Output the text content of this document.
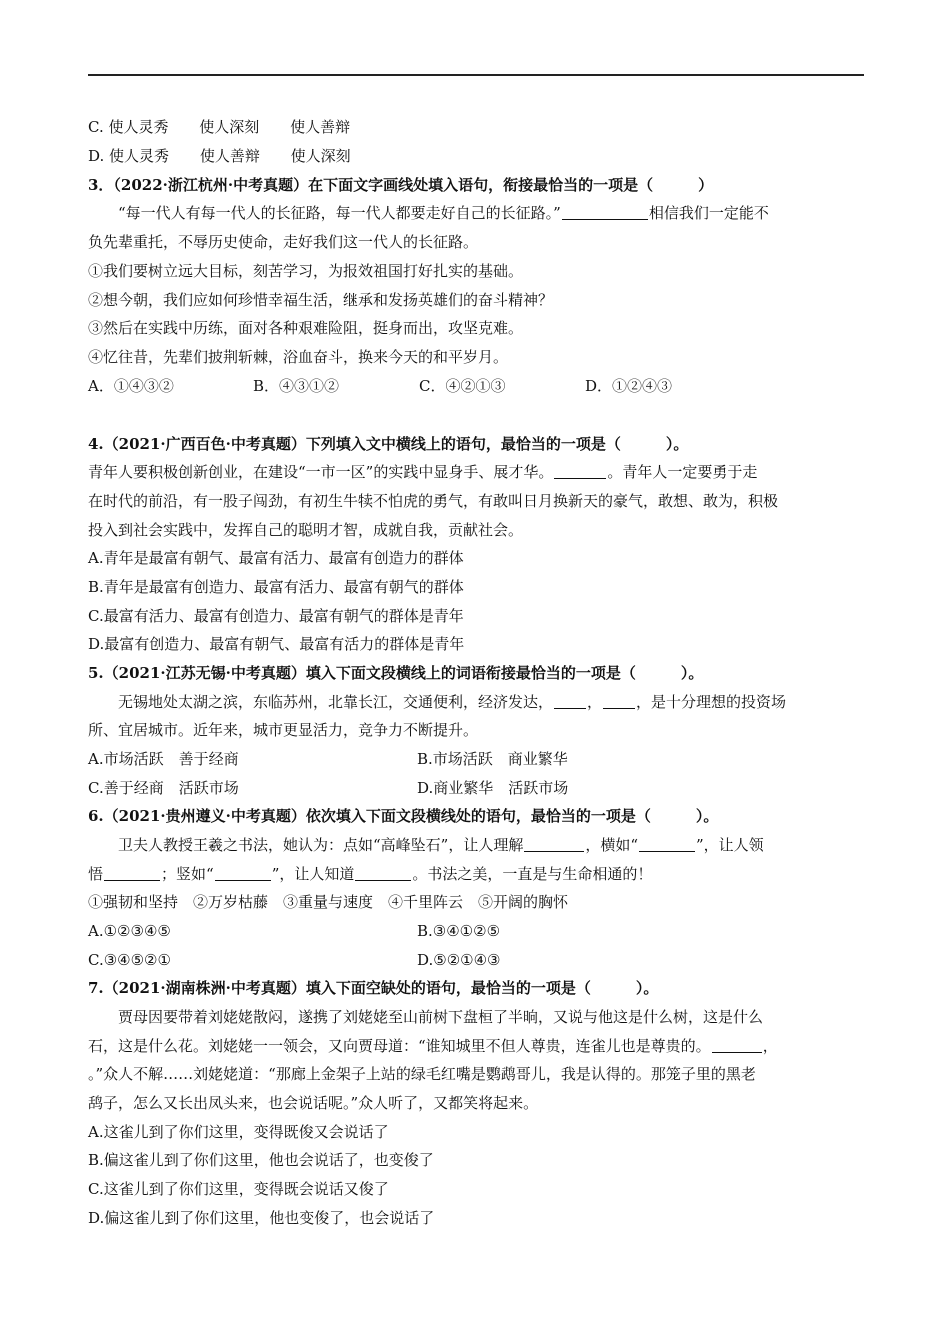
C. 使人灵秀 使人深刻 使人善辩
D. 使人灵秀 使人善辩 使人深刻
3．（2022·浙江杭州·中考真题）在下面文字画线处填入语句，衔接最恰当的一项是（　　　）
“每一代人有每一代人的长征路，每一代人都要走好自己的长征路。”	相信我们一定能不
负先辈重托，不辱历史使命，走好我们这一代人的长征路。
①我们要树立远大目标，刻苦学习，为报效祖国打好扎实的基础。
②想今朝，我们应如何珍惜幸福生活，继承和发扬英雄们的奋斗精神？
③然后在实践中历练，面对各种艰难险阻，挺身而出，攻坚克难。
④忆往昔，先辈们披荆斩棘，浴血奋斗，换来今天的和平岁月。
A．①④③②	B．④③①②	C．④②①③	D．①②④③
4.（2021·广西百色·中考真题）下列填入文中横线上的语句，最恰当的一项是（　　　）。
青年人要积极创新创业，在建设“一市一区”的实践中显身手、展才华。	。青年人一定要勇于走
在时代的前沿，有一股子闯劲，有初生牛犊不怕虎的勇气，有敢叫日月换新天的豪气，敢想、敢为，积极
投入到社会实践中，发挥自己的聪明才智，成就自我，贡献社会。
A.青年是最富有朝气、最富有活力、最富有创造力的群体
B.青年是最富有创造力、最富有活力、最富有朝气的群体
C.最富有活力、最富有创造力、最富有朝气的群体是青年
D.最富有创造力、最富有朝气、最富有活力的群体是青年
5.（2021·江苏无锡·中考真题）填入下面文段横线上的词语衔接最恰当的一项是（　　　）。
无锡地处太湖之滨，东临苏州，北靠长江，交通便利，经济发达， ， ，是十分理想的投资场
所、宜居城市。近年来，城市更显活力，竞争力不断提升。
A.市场活跃　善于经商	B.市场活跃　商业繁华
C.善于经商　活跃市场	D.商业繁华　活跃市场
6.（2021·贵州遵义·中考真题）依次填入下面文段横线处的语句，最恰当的一项是（　　　）。
卫夫人教授王羲之书法，她认为：点如“高峰坠石”，让人理解	，横如“	”，让人领
悟	；竖如“	”，让人知道	。书法之美，一直是与生命相通的！
①强韧和坚持　②万岁枯藤　③重量与速度　④千里阵云　⑤开阔的胸怀
A.①②③④⑤	B.③④①②⑤
C.③④⑤②①	D.⑤②①④③
7.（2021·湖南株洲·中考真题）填入下面空缺处的语句，最恰当的一项是（　　　）。
贾母因要带着刘姥姥散闷，遂携了刘姥姥至山前树下盘桓了半晌，又说与他这是什么树，这是什么
石，这是什么花。刘姥姥一一领会，又向贾母道：“谁知城里不但人尊贵，连雀儿也是尊贵的。	，
。”众人不解……刘姥姥道：“那廊上金架子上站的绿毛红嘴是鹦鹉哥儿，我是认得的。那笼子里的黑老
鸹子，怎么又长出凤头来，也会说话呢。”众人听了，又都笑将起来。
A.这雀儿到了你们这里，变得既俊又会说话了
B.偏这雀儿到了你们这里，他也会说话了，也变俊了
C.这雀儿到了你们这里，变得既会说话又俊了
D.偏这雀儿到了你们这里，他也变俊了，也会说话了
